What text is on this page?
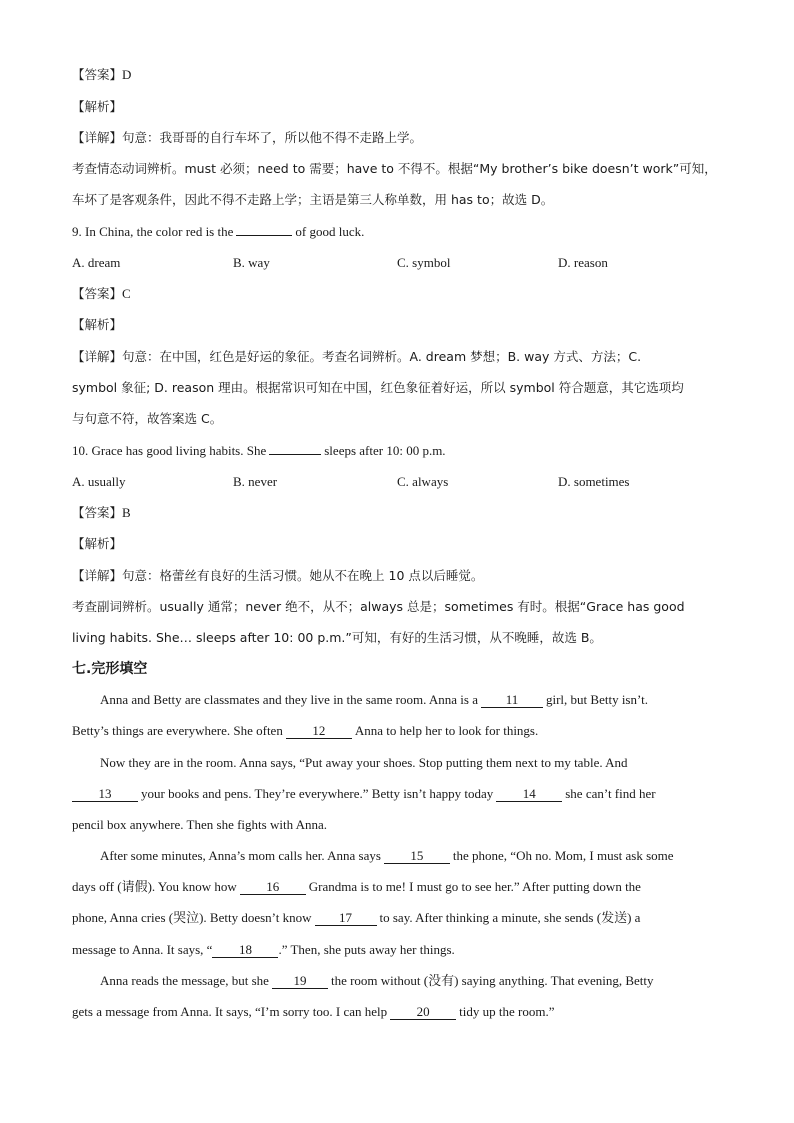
【答案】D
【解析】
【详解】句意：我哥哥的自行车坏了，所以他不得不走路上学。
考查情态动词辨析。must 必须；need to 需要；have to 不得不。根据“My brother’s bike doesn’t work”可知，
车坏了是客观条件，因此不得不走路上学；主语是第三人称单数，用 has to；故选 D。
9. In China, the color red is the	of good luck.
A. dream	B. way	C. symbol	D. reason
【答案】C
【解析】
【详解】句意：在中国，红色是好运的象征。考查名词辨析。A. dream 梦想；B. way 方式、方法；C.
symbol 象征; D. reason 理由。根据常识可知在中国，红色象征着好运，所以 symbol 符合题意，其它选项均
与句意不符，故答案选 C。
10. Grace has good living habits. She	sleeps after 10: 00 p.m.
A. usually	B. never	C. always	D. sometimes
【答案】B
【解析】
【详解】句意：格蕾丝有良好的生活习惯。她从不在晚上 10 点以后睡觉。
考查副词辨析。usually 通常；never 绝不，从不；always 总是；sometimes 有时。根据“Grace has good
living habits. She… sleeps after 10: 00 p.m.”可知，有好的生活习惯，从不晚睡，故选 B。
七.完形填空
Anna and Betty are classmates and they live in the same room. Anna is a 11 girl, but Betty isn’t.
Betty’s things are everywhere. She often 12 Anna to help her to look for things.
Now they are in the room. Anna says, “Put away your shoes. Stop putting them next to my table. And
13 your books and pens. They’re everywhere.” Betty isn’t happy today 14 she can’t find her
pencil box anywhere. Then she fights with Anna.
After some minutes, Anna’s mom calls her. Anna says 15 the phone, “Oh no. Mom, I must ask some
days off (请假). You know how 16 Grandma is to me! I must go to see her.” After putting down the
phone, Anna cries (哭泣). Betty doesn’t know 17 to say. After thinking a minute, she sends (发送) a
message to Anna. It says, “ 18 .” Then, she puts away her things.
Anna reads the message, but she 19 the room without (没有) saying anything. That evening, Betty
gets a message from Anna. It says, “I’m sorry too. I can help 20 tidy up the room.”
